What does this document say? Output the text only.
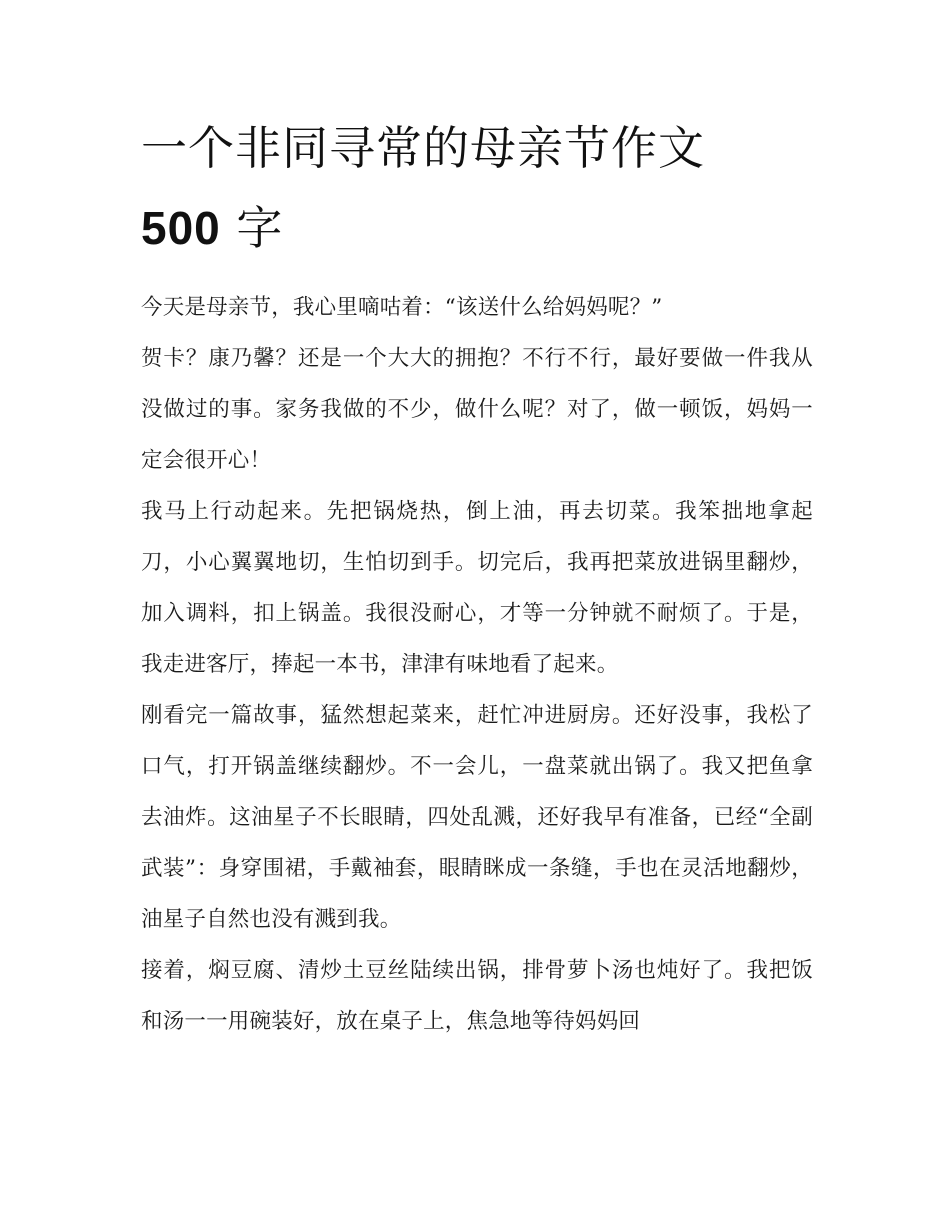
一个非同寻常的母亲节作文
500 字

今天是母亲节，我心里嘀咕着：“该送什么给妈妈呢？”

贺卡？康乃馨？还是一个大大的拥抱？不行不行，最好要做一件我从没做过的事。家务我做的不少，做什么呢？对了，做一顿饭，妈妈一定会很开心！

我马上行动起来。先把锅烧热，倒上油，再去切菜。我笨拙地拿起刀，小心翼翼地切，生怕切到手。切完后，我再把菜放进锅里翻炒，加入调料，扣上锅盖。我很没耐心，才等一分钟就不耐烦了。于是，我走进客厅，捧起一本书，津津有味地看了起来。

刚看完一篇故事，猛然想起菜来，赶忙冲进厨房。还好没事，我松了口气，打开锅盖继续翻炒。不一会儿，一盘菜就出锅了。我又把鱼拿去油炸。这油星子不长眼睛，四处乱溅，还好我早有准备，已经“全副武装”：身穿围裙，手戴袖套，眼睛眯成一条缝，手也在灵活地翻炒，油星子自然也没有溅到我。

接着，焖豆腐、清炒土豆丝陆续出锅，排骨萝卜汤也炖好了。我把饭和汤一一用碗装好，放在桌子上，焦急地等待妈妈回
